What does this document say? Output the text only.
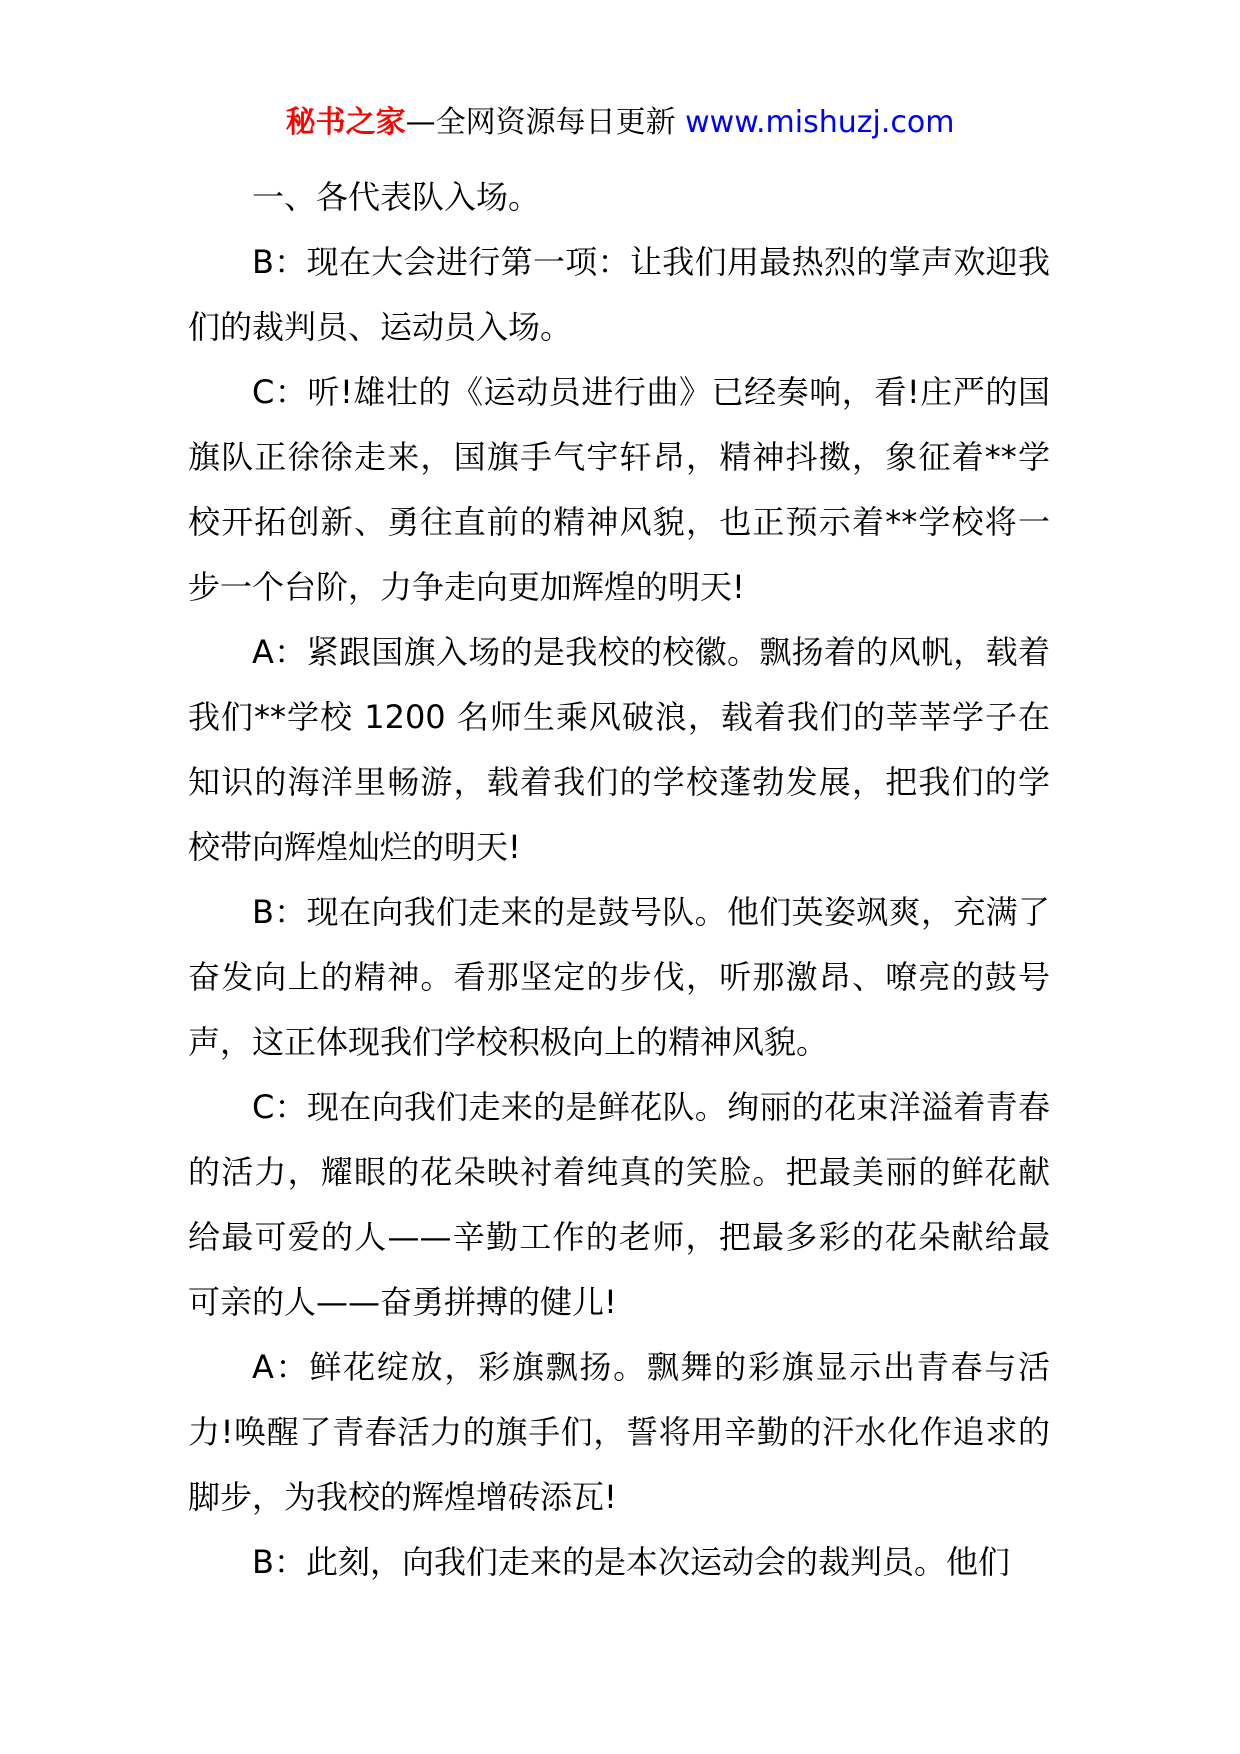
秘书之家—全网资源每日更新 www.mishuzj.com

一、各代表队入场。

B：现在大会进行第一项：让我们用最热烈的掌声欢迎我们的裁判员、运动员入场。

C：听!雄壮的《运动员进行曲》已经奏响，看!庄严的国旗队正徐徐走来，国旗手气宇轩昂，精神抖擞，象征着**学校开拓创新、勇往直前的精神风貌，也正预示着**学校将一步一个台阶，力争走向更加辉煌的明天!

A：紧跟国旗入场的是我校的校徽。飘扬着的风帆，载着我们**学校 1200 名师生乘风破浪，载着我们的莘莘学子在知识的海洋里畅游，载着我们的学校蓬勃发展，把我们的学校带向辉煌灿烂的明天!

B：现在向我们走来的是鼓号队。他们英姿飒爽，充满了奋发向上的精神。看那坚定的步伐，听那激昂、嘹亮的鼓号声，这正体现我们学校积极向上的精神风貌。

C：现在向我们走来的是鲜花队。绚丽的花束洋溢着青春的活力，耀眼的花朵映衬着纯真的笑脸。把最美丽的鲜花献给最可爱的人——辛勤工作的老师，把最多彩的花朵献给最可亲的人——奋勇拼搏的健儿!

A：鲜花绽放，彩旗飘扬。飘舞的彩旗显示出青春与活力!唤醒了青春活力的旗手们，誓将用辛勤的汗水化作追求的脚步，为我校的辉煌增砖添瓦!

B：此刻，向我们走来的是本次运动会的裁判员。他们
